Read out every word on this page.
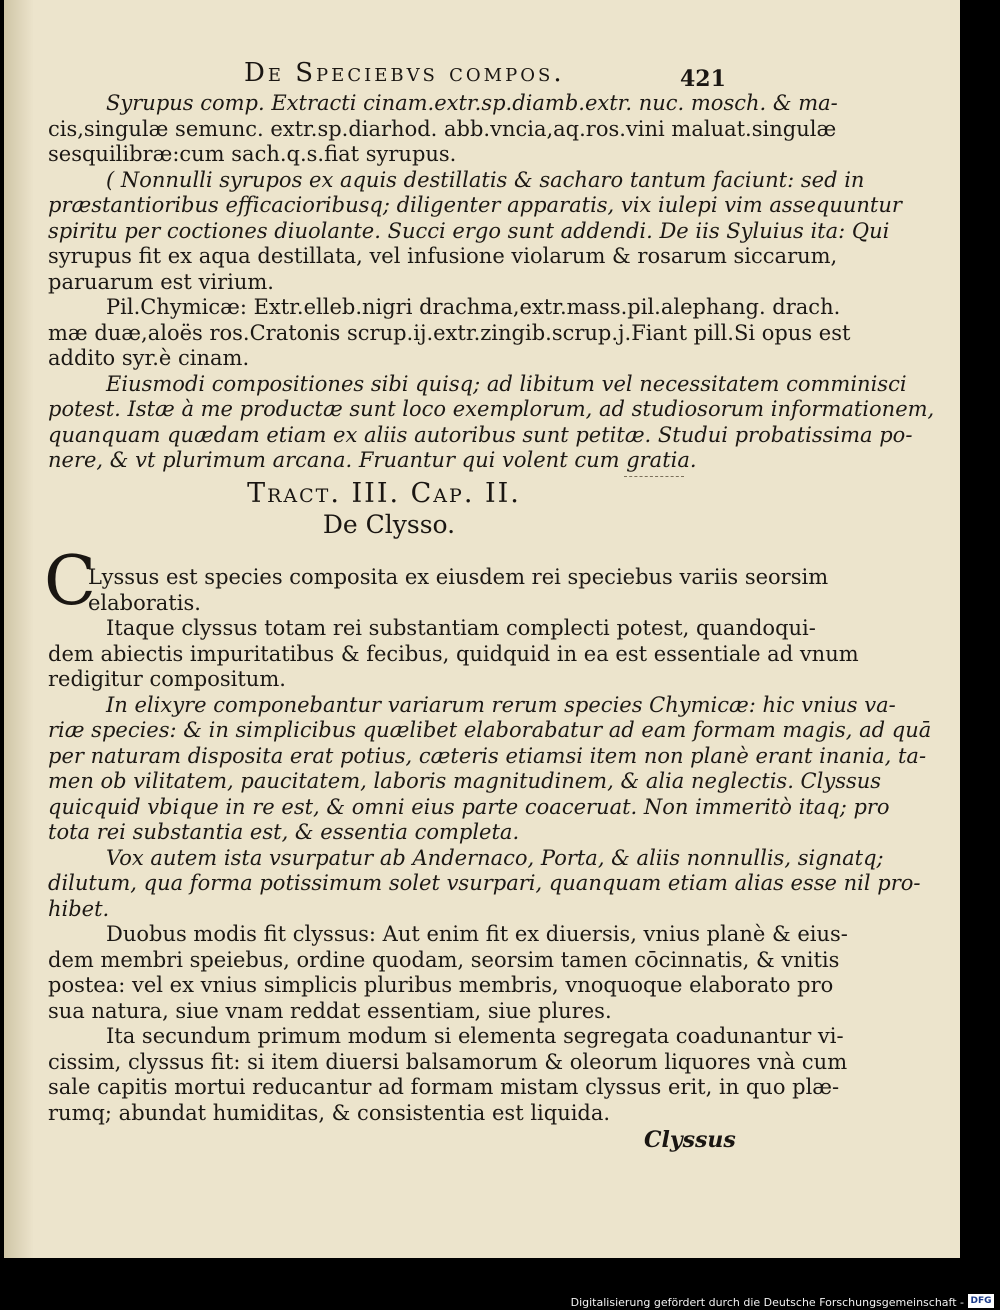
De Speciebvs compos.	421
Syrupus comp. Extracti cinam.extr.sp.diamb.extr. nuc. mosch. & ma-
cis,singulæ semunc. extr.sp.diarhod. abb.vncia,aq.ros.vini maluat.singulæ
sesquilibræ:cum sach.q.s.fiat syrupus.
( Nonnulli syrupos ex aquis destillatis & sacharo tantum faciunt: sed in
præstantioribus efficacioribusq; diligenter apparatis, vix iulepi vim assequuntur
spiritu per coctiones diuolante. Succi ergo sunt addendi. De iis Syluius ita: Qui
syrupus fit ex aqua destillata, vel infusione violarum & rosarum siccarum,
paruarum est virium.
Pil.Chymicæ: Extr.elleb.nigri drachma,extr.mass.pil.alephang. drach.
mæ duæ,aloës ros.Cratonis scrup.ij.extr.zingib.scrup.j.Fiant pill.Si opus est
addito syr.è cinam.
Eiusmodi compositiones sibi quisq; ad libitum vel necessitatem comminisci
potest. Istæ à me productæ sunt loco exemplorum, ad studiosorum informationem,
quanquam quædam etiam ex aliis autoribus sunt petitæ. Studui probatissima po-
nere, & vt plurimum arcana. Fruantur qui volent cum gratia.
Tract. III. Cap. II.
De Clysso.
C
Lyssus est species composita ex eiusdem rei speciebus variis seorsim
elaboratis.
Itaque clyssus totam rei substantiam complecti potest, quandoqui-
dem abiectis impuritatibus & fecibus, quidquid in ea est essentiale ad vnum
redigitur compositum.
In elixyre componebantur variarum rerum species Chymicæ: hic vnius va-
riæ species: & in simplicibus quælibet elaborabatur ad eam formam magis, ad quā
per naturam disposita erat potius, cæteris etiamsi item non planè erant inania, ta-
men ob vilitatem, paucitatem, laboris magnitudinem, & alia neglectis. Clyssus
quicquid vbique in re est, & omni eius parte coaceruat. Non immeritò itaq; pro
tota rei substantia est, & essentia completa.
Vox autem ista vsurpatur ab Andernaco, Porta, & aliis nonnullis, signatq;
dilutum, qua forma potissimum solet vsurpari, quanquam etiam alias esse nil pro-
hibet.
Duobus modis fit clyssus: Aut enim fit ex diuersis, vnius planè & eius-
dem membri speiebus, ordine quodam, seorsim tamen cōcinnatis, & vnitis
postea: vel ex vnius simplicis pluribus membris, vnoquoque elaborato pro
sua natura, siue vnam reddat essentiam, siue plures.
Ita secundum primum modum si elementa segregata coadunantur vi-
cissim, clyssus fit: si item diuersi balsamorum & oleorum liquores vnà cum
sale capitis mortui reducantur ad formam mistam clyssus erit, in quo plæ-
rumq; abundat humiditas, & consistentia est liquida.
Clyssus
Digitalisierung gefördert durch die Deutsche Forschungsgemeinschaft - DFG
